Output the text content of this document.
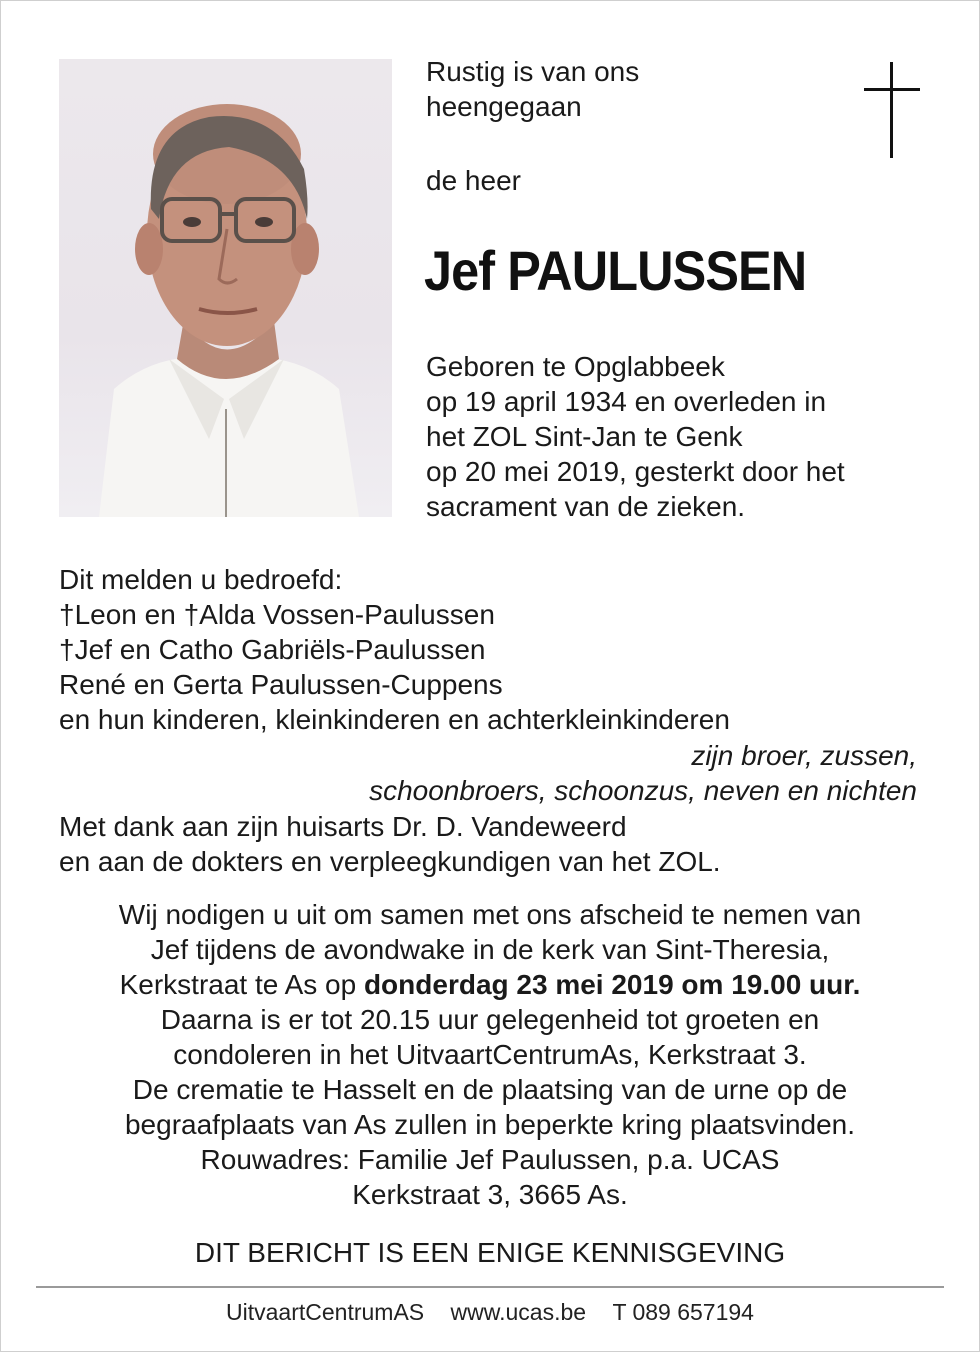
Rustig is van ons
heengegaan
de heer
Jef PAULUSSEN
Geboren te Opglabbeek
op 19 april 1934 en overleden in
het ZOL Sint-Jan te Genk
op 20 mei 2019, gesterkt door het
sacrament van de zieken.
Dit melden u bedroefd:
†Leon en †Alda Vossen-Paulussen
†Jef en Catho Gabriëls-Paulussen
René en Gerta Paulussen-Cuppens
en hun kinderen, kleinkinderen en achterkleinkinderen
zijn broer, zussen,
schoonbroers, schoonzus, neven en nichten
Met dank aan zijn huisarts Dr. D. Vandeweerd
en aan de dokters en verpleegkundigen van het ZOL.
Wij nodigen u uit om samen met ons afscheid te nemen van
Jef tijdens de avondwake in de kerk van Sint-Theresia,
Kerkstraat te As op donderdag 23 mei 2019 om 19.00 uur.
Daarna is er tot 20.15 uur gelegenheid tot groeten en
condoleren in het UitvaartCentrumAs, Kerkstraat 3.
De crematie te Hasselt en de plaatsing van de urne op de
begraafplaats van As zullen in beperkte kring plaatsvinden.
Rouwadres: Familie Jef Paulussen, p.a. UCAS
Kerkstraat 3, 3665 As.
DIT BERICHT IS EEN ENIGE KENNISGEVING
UitvaartCentrumAS www.ucas.be T 089 657194
